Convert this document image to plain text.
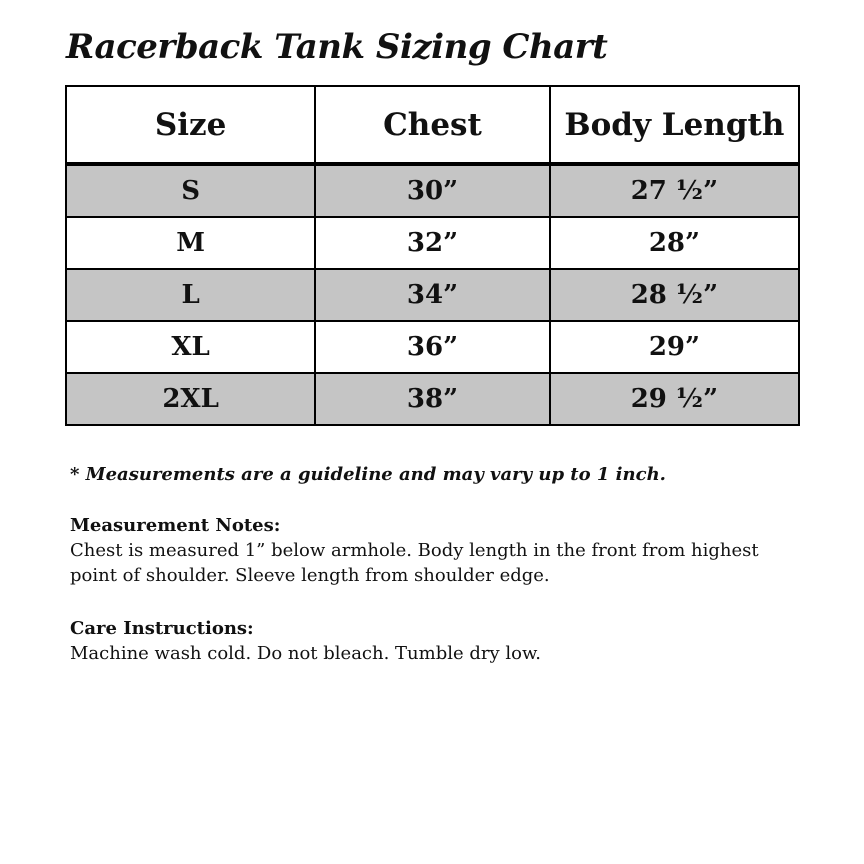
Racerback Tank Sizing Chart
Size	Chest	Body Length
S	30”	27 ¹⁄₂”
M	32”	28”
L	34”	28 ¹⁄₂”
XL	36”	29”
2XL	38”	29 ¹⁄₂”

* Measurements are a guideline and may vary up to 1 inch.

Measurement Notes:

Chest is measured 1” below armhole. Body length in the front from highest point of shoulder. Sleeve length from shoulder edge.

Care Instructions:

Machine wash cold. Do not bleach. Tumble dry low.
